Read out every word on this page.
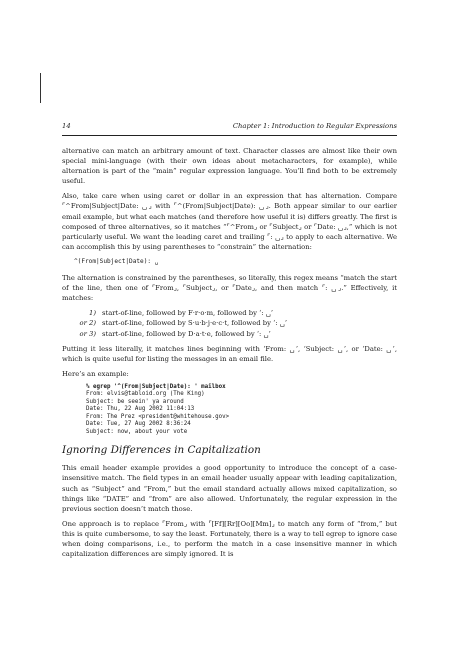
14	Chapter 1: Introduction to Regular Expressions

alternative can match an arbitrary amount of text. Character classes are almost like their own special mini-language (with their own ideas about metacharacters, for example), while alternation is part of the “main” regular expression language. You’ll find both to be extremely useful.

Also, take care when using caret or dollar in an expression that has alternation. Compare ⌜^From|Subject|Date: ␣⌟ with ⌜^(From|Subject|Date): ␣⌟. Both appear similar to our earlier email example, but what each matches (and therefore how useful it is) differs greatly. The first is composed of three alternatives, so it matches “⌜^From⌟ or ⌜Subject⌟ or ⌜Date: ␣⌟,” which is not particularly useful. We want the leading caret and trailing ⌜: ␣⌟ to apply to each alternative. We can accomplish this by using parentheses to “constrain” the alternation:

^(From|Subject|Date): ␣

The alternation is constrained by the parentheses, so literally, this regex means “match the start of the line, then one of ⌜From⌟, ⌜Subject⌟, or ⌜Date⌟, and then match ⌜: ␣⌟.” Effectively, it matches:

1) start-of-line, followed by F·r·o·m, followed by ‘: ␣’
or 2) start-of-line, followed by S·u·b·j·e·c·t, followed by ‘: ␣’
or 3) start-of-line, followed by D·a·t·e, followed by ‘: ␣’

Putting it less literally, it matches lines beginning with ‘From: ␣’, ‘Subject: ␣’, or ‘Date: ␣’, which is quite useful for listing the messages in an email file.

Here’s an example:

% egrep '^(From|Subject|Date): ' mailbox
From: elvis@tabloid.org (The King)
Subject: be seein' ya around
Date: Thu, 22 Aug 2002 11:04:13
From: The Prez <president@whitehouse.gov>
Date: Tue, 27 Aug 2002 8:36:24
Subject: now, about your vote
Ignoring Differences in Capitalization

This email header example provides a good opportunity to introduce the concept of a case-insensitive match. The field types in an email header usually appear with leading capitalization, such as “Subject” and “From,” but the email standard actually allows mixed capitalization, so things like “DATE” and “from” are also allowed. Unfortunately, the regular expression in the previous section doesn’t match those.

One approach is to replace ⌜From⌟ with ⌜[Ff][Rr][Oo][Mm]⌟ to match any form of “from,” but this is quite cumbersome, to say the least. Fortunately, there is a way to tell egrep to ignore case when doing comparisons, i.e., to perform the match in a case insensitive manner in which capitalization differences are simply ignored. It is
